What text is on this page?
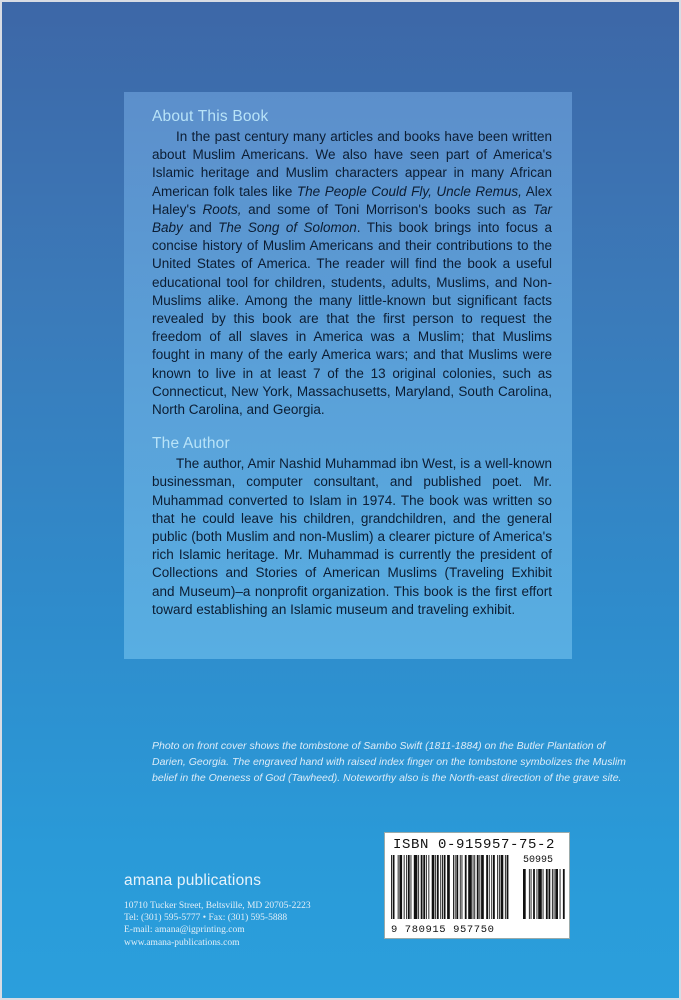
About This Book

In the past century many articles and books have been written about Muslim Americans. We also have seen part of America's Islamic heritage and Muslim characters appear in many African American folk tales like The People Could Fly, Uncle Remus, Alex Haley's Roots, and some of Toni Morrison's books such as Tar Baby and The Song of Solomon. This book brings into focus a concise history of Muslim Americans and their contributions to the United States of America. The reader will find the book a useful educational tool for children, students, adults, Muslims, and Non-Muslims alike. Among the many little-known but significant facts revealed by this book are that the first person to request the freedom of all slaves in America was a Muslim; that Muslims fought in many of the early America wars; and that Muslims were known to live in at least 7 of the 13 original colonies, such as Connecticut, New York, Massachusetts, Maryland, South Carolina, North Carolina, and Georgia.

The Author

The author, Amir Nashid Muhammad ibn West, is a well-known businessman, computer consultant, and published poet. Mr. Muhammad converted to Islam in 1974. The book was written so that he could leave his children, grandchildren, and the general public (both Muslim and non-Muslim) a clearer picture of America's rich Islamic heritage. Mr. Muhammad is currently the president of Collections and Stories of American Muslims (Traveling Exhibit and Museum)–a nonprofit organization. This book is the first effort toward establishing an Islamic museum and traveling exhibit.

Photo on front cover shows the tombstone of Sambo Swift (1811-1884) on the Butler Plantation of Darien, Georgia. The engraved hand with raised index finger on the tombstone symbolizes the Muslim belief in the Oneness of God (Tawheed). Noteworthy also is the North-east direction of the grave site.

amana publications

10710 Tucker Street, Beltsville, MD 20705-2223

Tel: (301) 595-5777 • Fax: (301) 595-5888

E-mail: amana@igprinting.com

www.amana-publications.com

ISBN 0-915957-75-2
50995
9 780915 957750
